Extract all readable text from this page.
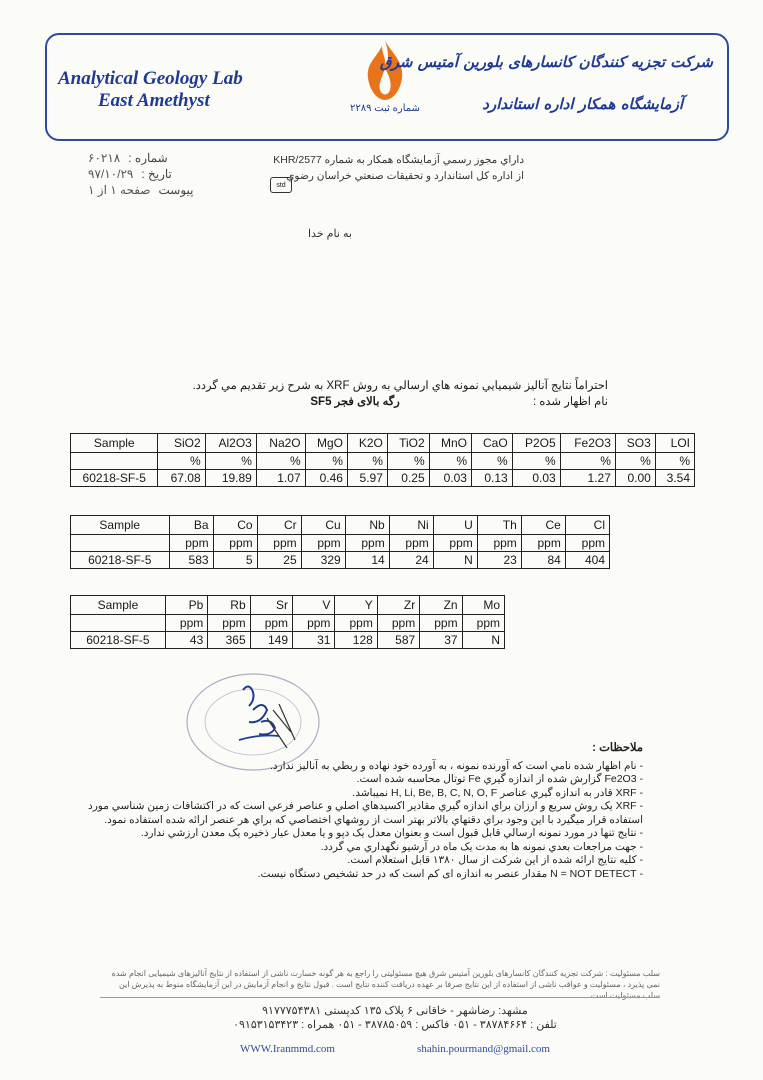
Analytical Geology Lab
East Amethyst	شماره ثبت ۲۲۸۹
شرکت تجزیه کنندگان کانسارهای بلورین آمتیس شرق
آزمایشگاه همکار اداره استاندارد
۶۰۲۱۸ شماره :
۹۷/۱۰/۲۹ تاریخ :
صفحه ۱ از ۱ پیوست
داراي مجوز رسمي آزمايشگاه همکار به شماره KHR/2577
از اداره کل استاندارد و تحقيقات صنعتي خراسان رضوي
std
به نام خدا
احتراماً نتايج آنالیز شيميايي نمونه هاي ارسالي به روش XRF به شرح زير تقديم مي گردد.
نام اظهار شده : رگه بالای فجر SF5
Sample	SiO2	Al2O3	Na2O	MgO	K2O	TiO2	MnO	CaO	P2O5	Fe2O3	SO3	LOI
	%	%	%	%	%	%	%	%	%	%	%	%
60218-SF-5	67.08	19.89	1.07	0.46	5.97	0.25	0.03	0.13	0.03	1.27	0.00	3.54
Sample	Ba	Co	Cr	Cu	Nb	Ni	U	Th	Ce	Cl
	ppm	ppm	ppm	ppm	ppm	ppm	ppm	ppm	ppm	ppm
60218-SF-5	583	5	25	329	14	24	N	23	84	404
Sample	Pb	Rb	Sr	V	Y	Zr	Zn	Mo
	ppm	ppm	ppm	ppm	ppm	ppm	ppm	ppm
60218-SF-5	43	365	149	31	128	587	37	N
ملاحظات :

- نام اظهار شده نامي است که آورنده نمونه ، به آورده خود نهاده و ربطي به آنالیز ندارد.

- Fe2O3 گزارش شده از اندازه گيري Fe توتال محاسبه شده است.

- XRF قادر به اندازه گيري عناصر H, Li, Be, B, C, N, O, F نمیباشد.

- XRF يک روش سريع و ارزان براي اندازه گيري مقادير اکسيدهاي اصلي و عناصر فرعي است که در اکتشافات زمين شناسي مورد استفاده قرار ميگيرد با اين وجود براي دقتهاي بالاتر بهتر است از روشهاي اختصاصي که براي هر عنصر ارائه شده استفاده نمود.

- نتايج تنها در مورد نمونه ارسالي قابل قبول است و بعنوان معدل يک دپو و يا معدل عيار ذخيره يک معدن ارزشي ندارد.

- جهت مراجعات بعدي نمونه ها به مدت يک ماه در آرشيو نگهداري مي گردد.

- کليه نتايج ارائه شده از اين شرکت از سال ۱۳۸۰ قابل استعلام است.

- N = NOT DETECT مقدار عنصر به اندازه ای کم است که در حد تشخیص دستگاه نیست.

سلب مسئوليت : شركت تجزيه كنندگان كانسارهای بلورين آمتيس شرق هيچ مسئوليتی را راجع به هر گونه خسارت ناشی از استفاده از نتايج آناليزهای شيميايی انجام شده نمی پذيرد ، مسئوليت و عواقب ناشی از استفاده از اين نتايج صرفا بر عهده دريافت كننده نتايج است . قبول نتايج و انجام آزمايش در اين آزمايشگاه منوط به پذيرش اين سلب مسئوليت است
مشهد: رضاشهر - خاقانی ۶ پلاک ۱۳۵ کدپستی ۹۱۷۷۷۵۴۳۸۱
تلفن : ۳۸۷۸۴۶۶۴ - ۰۵۱ فاکس : ۳۸۷۸۵۰۵۹ - ۰۵۱ همراه : ۰۹۱۵۳۱۵۳۴۲۳
WWW.Iranmmd.com	shahin.pourmand@gmail.com
